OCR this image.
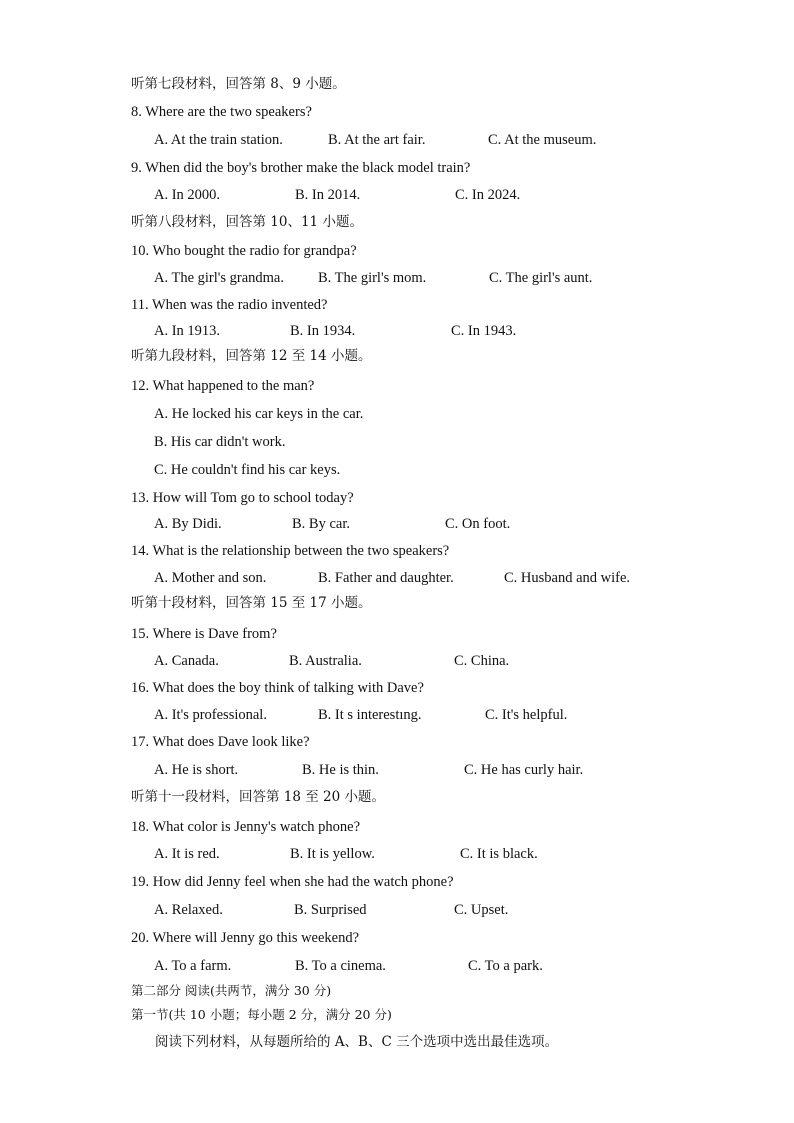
听第七段材料，回答第 8、9 小题。
8. Where are the two speakers?
A. At the train station.	B. At the art fair.	C. At the museum.
9. When did the boy's brother make the black model train?
A. In 2000.	B. In 2014.	C. In 2024.
听第八段材料，回答第 10、11 小题。
10. Who bought the radio for grandpa?
A. The girl's grandma. B. The girl's mom.	C. The girl's aunt.
11. When was the radio invented?
A. In 1913.	B. In 1934.	C. In 1943.
听第九段材料，回答第 12 至 14 小题。
12. What happened to the man?
A. He locked his car keys in the car.
B. His car didn't work.
C. He couldn't find his car keys.
13. How will Tom go to school today?
A. By Didi.	B. By car.	C. On foot.
14. What is the relationship between the two speakers?
A. Mother and son.	B. Father and daughter.	C. Husband and wife.
听第十段材料，回答第 15 至 17 小题。
15. Where is Dave from?
A. Canada.	B. Australia.	C. China.
16. What does the boy think of talking with Dave?
A. It's professional.	B. It s interestıng.	C. It's helpful.
17. What does Dave look like?
A. He is short.	B. He is thin.	C. He has curly hair.
听第十一段材料，回答第 18 至 20 小题。
18. What color is Jenny's watch phone?
A. It is red.	B. It is yellow.	C. It is black.
19. How did Jenny feel when she had the watch phone?
A. Relaxed.	B. Surprised	C. Upset.
20. Where will Jenny go this weekend?
A. To a farm.	B. To a cinema.	C. To a park.
第二部分 阅读(共两节，满分 30 分)
第一节(共 10 小题；每小题 2 分，满分 20 分)
阅读下列材料，从每题所给的 A、B、C 三个选项中选出最佳选项。
